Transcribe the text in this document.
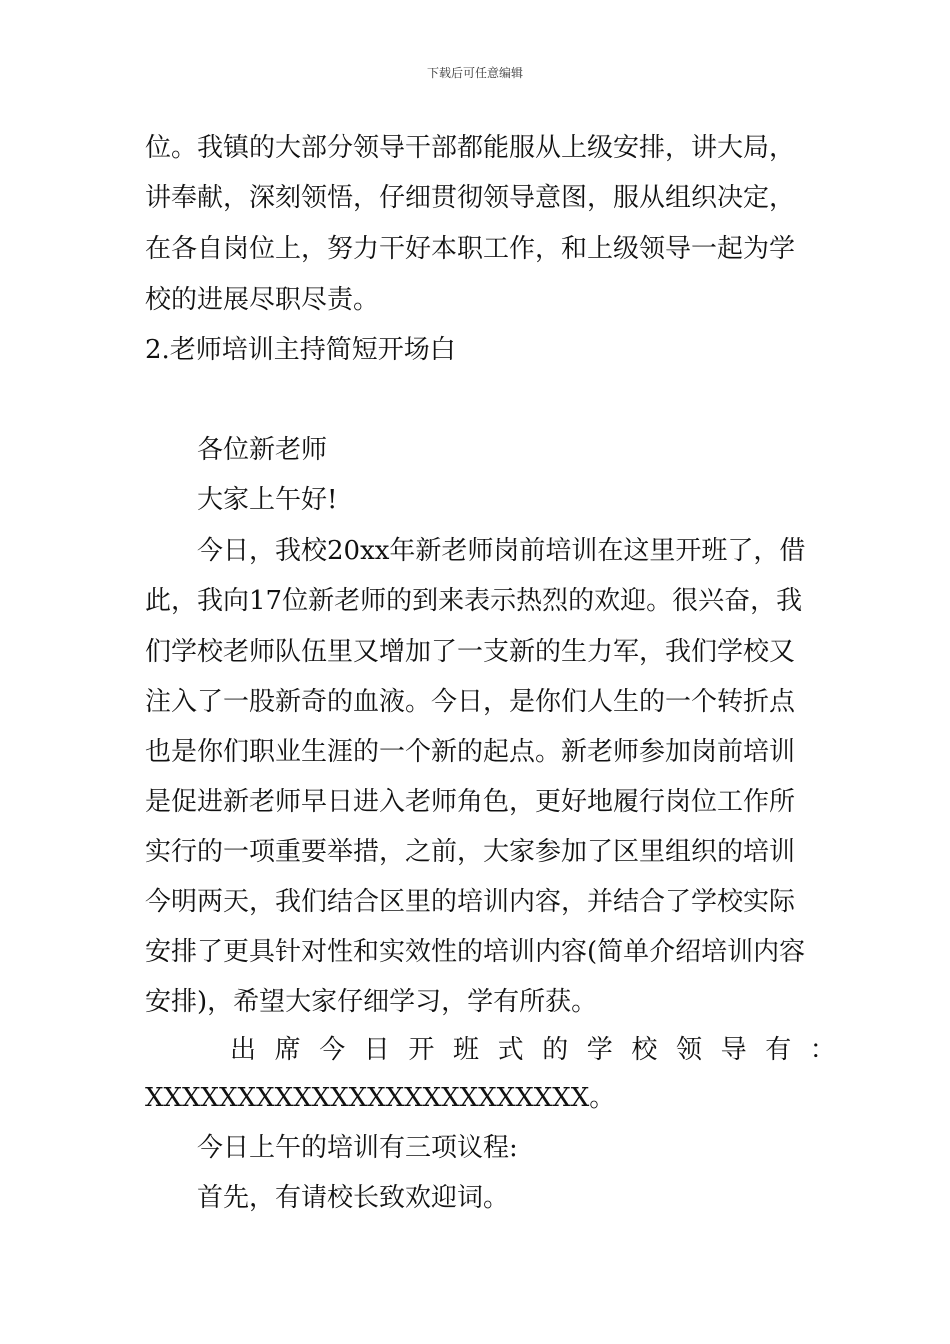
下载后可任意编辑
位。我镇的大部分领导干部都能服从上级安排，讲大局，
讲奉献，深刻领悟，仔细贯彻领导意图，服从组织决定，
在各自岗位上，努力干好本职工作，和上级领导一起为学
校的进展尽职尽责。
2.老师培训主持简短开场白
各位新老师
大家上午好!
今日，我校20xx年新老师岗前培训在这里开班了，借
此，我向17位新老师的到来表示热烈的欢迎。很兴奋，我
们学校老师队伍里又增加了一支新的生力军，我们学校又
注入了一股新奇的血液。今日，是你们人生的一个转折点
也是你们职业生涯的一个新的起点。新老师参加岗前培训
是促进新老师早日进入老师角色，更好地履行岗位工作所
实行的一项重要举措，之前，大家参加了区里组织的培训
今明两天，我们结合区里的培训内容，并结合了学校实际
安排了更具针对性和实效性的培训内容(简单介绍培训内容
安排)，希望大家仔细学习，学有所获。
出席今日开班式的学校领导有：
XXXXXXXXXXXXXXXXXXXXXXXX。
今日上午的培训有三项议程:
首先，有请校长致欢迎词。
